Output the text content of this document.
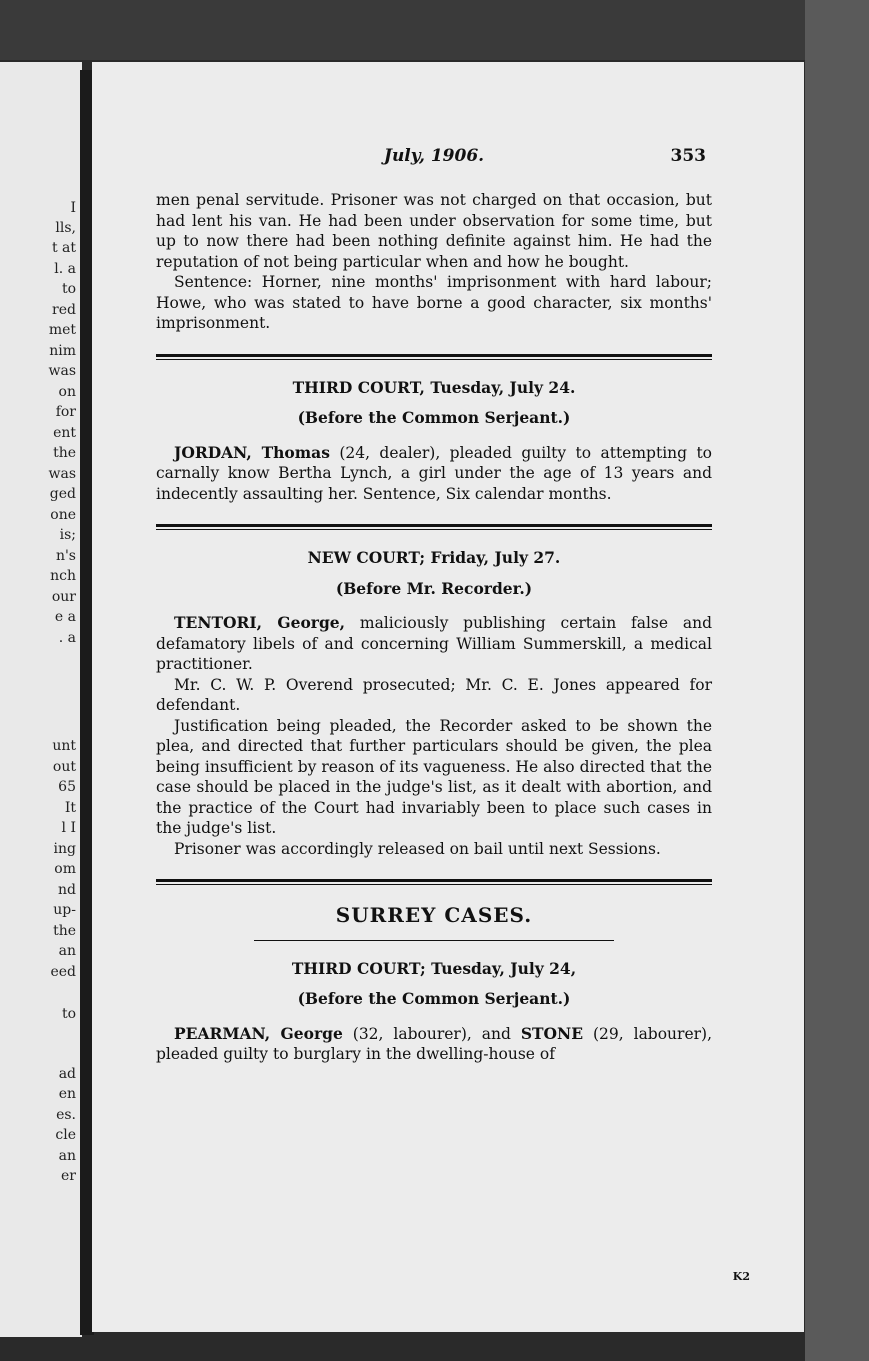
I
lls,
t at
l. a
to
red
met
nim
was
on
for
ent
the
was
ged
one
is;
n's
nch
our
e a
. a
unt
out
65
It
l I
ing
om
nd
up-
the
an
eed
to
ad
en
es.
cle
an
er
July, 1906.	353

men penal servitude. Prisoner was not charged on that occasion, but had lent his van. He had been under observation for some time, but up to now there had been nothing definite against him. He had the reputation of not being particular when and how he bought.

Sentence: Horner, nine months' imprisonment with hard labour; Howe, who was stated to have borne a good character, six months' imprisonment.

THIRD COURT, Tuesday, July 24.
(Before the Common Serjeant.)

JORDAN, Thomas (24, dealer), pleaded guilty to attempting to carnally know Bertha Lynch, a girl under the age of 13 years and indecently assaulting her. Sentence, Six calendar months.

NEW COURT; Friday, July 27.
(Before Mr. Recorder.)

TENTORI, George, maliciously publishing certain false and defamatory libels of and concerning William Summerskill, a medical practitioner.

Mr. C. W. P. Overend prosecuted; Mr. C. E. Jones appeared for defendant.

Justification being pleaded, the Recorder asked to be shown the plea, and directed that further particulars should be given, the plea being insufficient by reason of its vagueness. He also directed that the case should be placed in the judge's list, as it dealt with abortion, and the practice of the Court had invariably been to place such cases in the judge's list.

Prisoner was accordingly released on bail until next Sessions.

SURREY CASES.
THIRD COURT; Tuesday, July 24,
(Before the Common Serjeant.)

PEARMAN, George (32, labourer), and STONE (29, labourer), pleaded guilty to burglary in the dwelling-house of

K2
